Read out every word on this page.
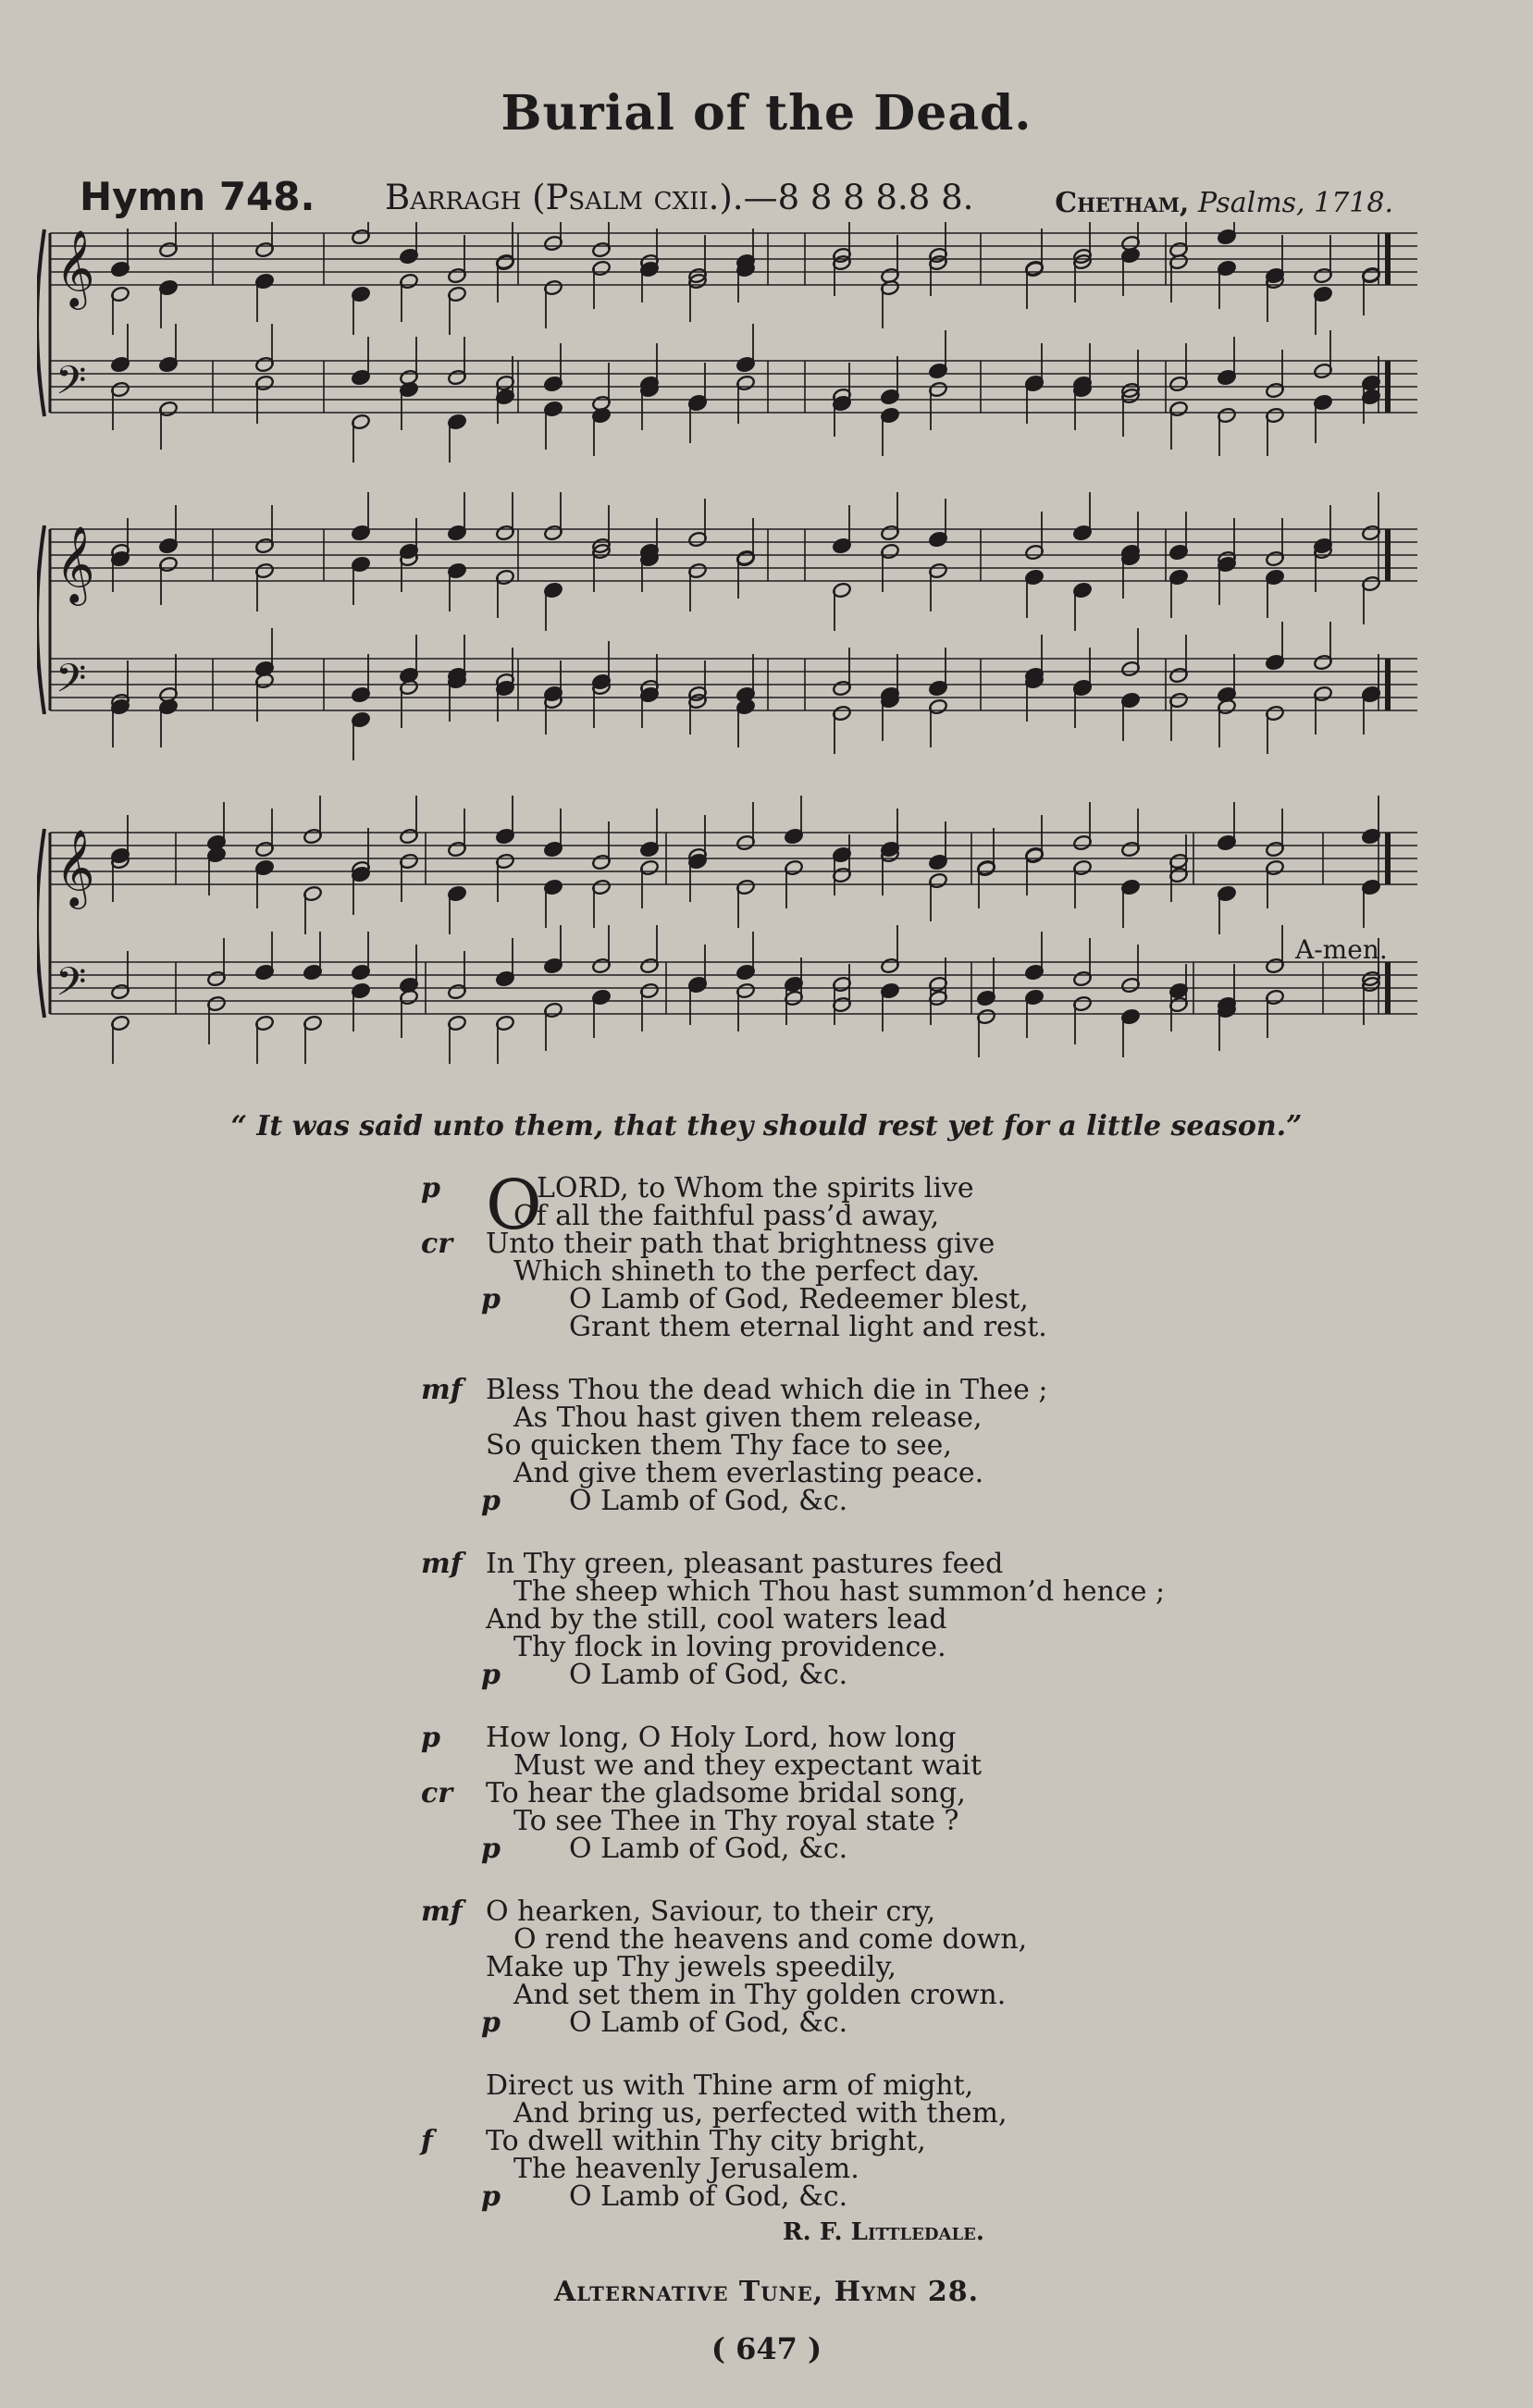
Burial of the Dead.
Hymn 748. Barragh (Psalm cxii.).—8 8 8 8.8 8.	Chetham, Psalms, 1718.
𝄞
𝄢
𝄞
𝄢
𝄞
𝄢
A-men.
“ It was said unto them, that they should rest yet for a little season.”
p O
LORD, to Whom the spirits live
Of all the faithful pass’d away,
cr Unto their path that brightness give
Which shineth to the perfect day.
p O Lamb of God, Redeemer blest,
Grant them eternal light and rest.
mf Bless Thou the dead which die in Thee ;
As Thou hast given them release,
So quicken them Thy face to see,
And give them everlasting peace.
p O Lamb of God, &c.
mf In Thy green, pleasant pastures feed
The sheep which Thou hast summon’d hence ;
And by the still, cool waters lead
Thy flock in loving providence.
p O Lamb of God, &c.
p How long, O Holy Lord, how long
Must we and they expectant wait
cr To hear the gladsome bridal song,
To see Thee in Thy royal state ?
p O Lamb of God, &c.
mf O hearken, Saviour, to their cry,
O rend the heavens and come down,
Make up Thy jewels speedily,
And set them in Thy golden crown.
p O Lamb of God, &c.
Direct us with Thine arm of might,
And bring us, perfected with them,
f To dwell within Thy city bright,
The heavenly Jerusalem.
p O Lamb of God, &c.
R. F. Littledale.
Alternative Tune, Hymn 28.
( 647 )
